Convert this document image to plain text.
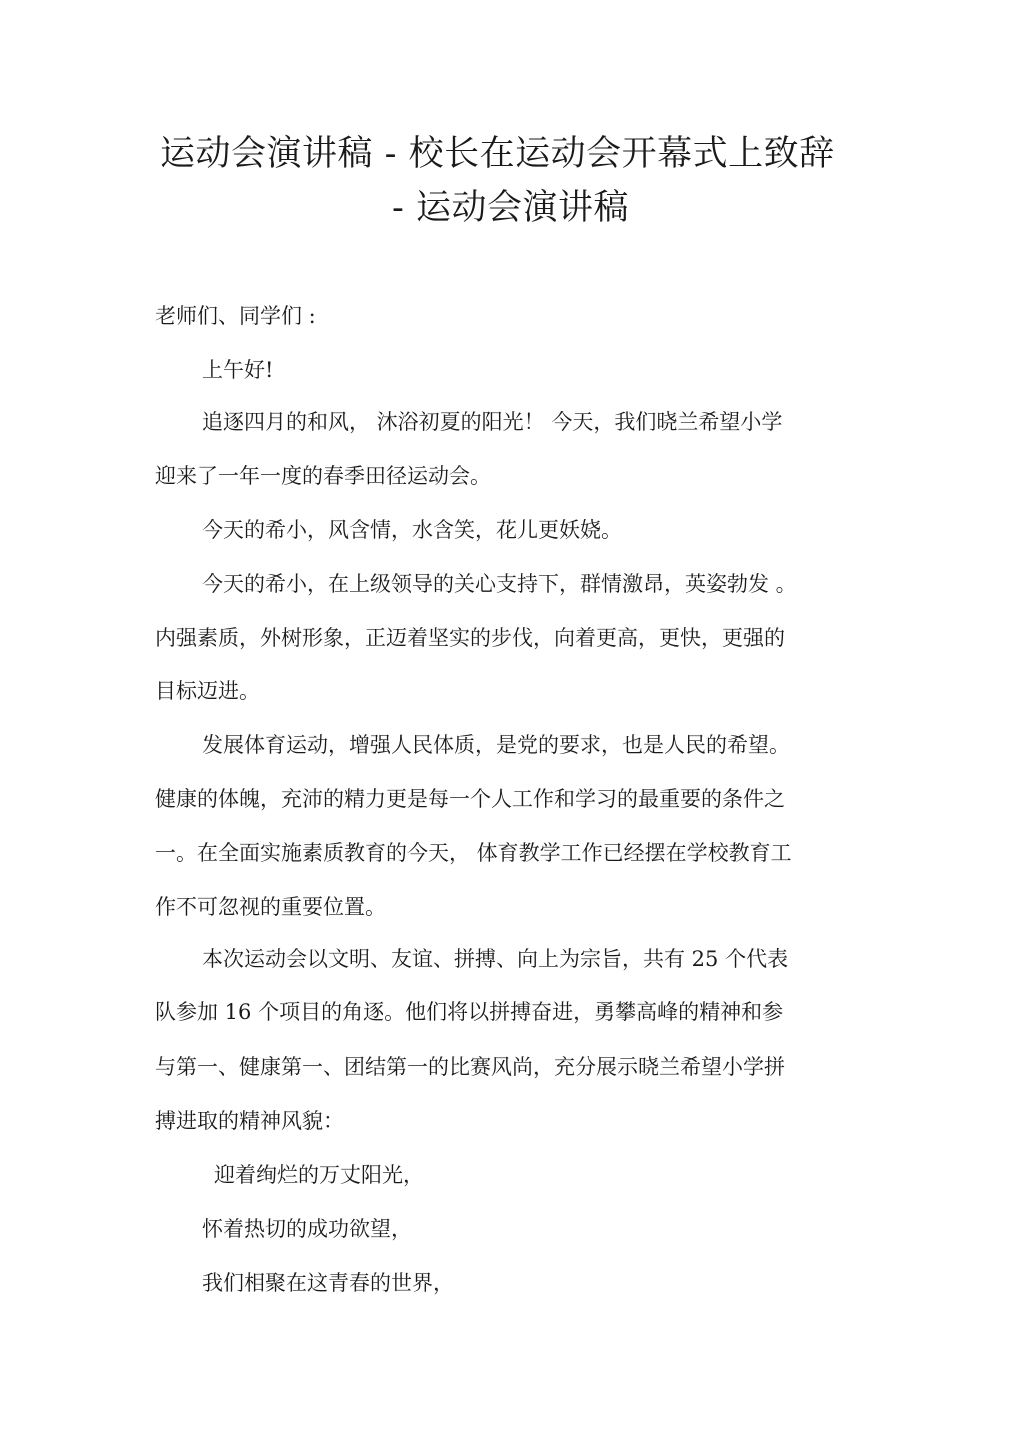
运动会演讲稿 - 校长在运动会开幕式上致辞
- 运动会演讲稿
老师们、同学们 :
上午好!
追逐四月的和风， 沐浴初夏的阳光！ 今天，我们晓兰希望小学
迎来了一年一度的春季田径运动会。
今天的希小，风含情，水含笑，花儿更妖娆。
今天的希小，在上级领导的关心支持下，群情激昂，英姿勃发 。
内强素质，外树形象，正迈着坚实的步伐，向着更高，更快，更强的
目标迈进。
发展体育运动，增强人民体质，是党的要求，也是人民的希望。
健康的体魄，充沛的精力更是每一个人工作和学习的最重要的条件之
一。在全面实施素质教育的今天， 体育教学工作已经摆在学校教育工
作不可忽视的重要位置。
本次运动会以文明、友谊、拼搏、向上为宗旨，共有 25 个代表
队参加 16 个项目的角逐。他们将以拼搏奋进，勇攀高峰的精神和参
与第一、健康第一、团结第一的比赛风尚，充分展示晓兰希望小学拼
搏进取的精神风貌：
迎着绚烂的万丈阳光，
怀着热切的成功欲望，
我们相聚在这青春的世界，
